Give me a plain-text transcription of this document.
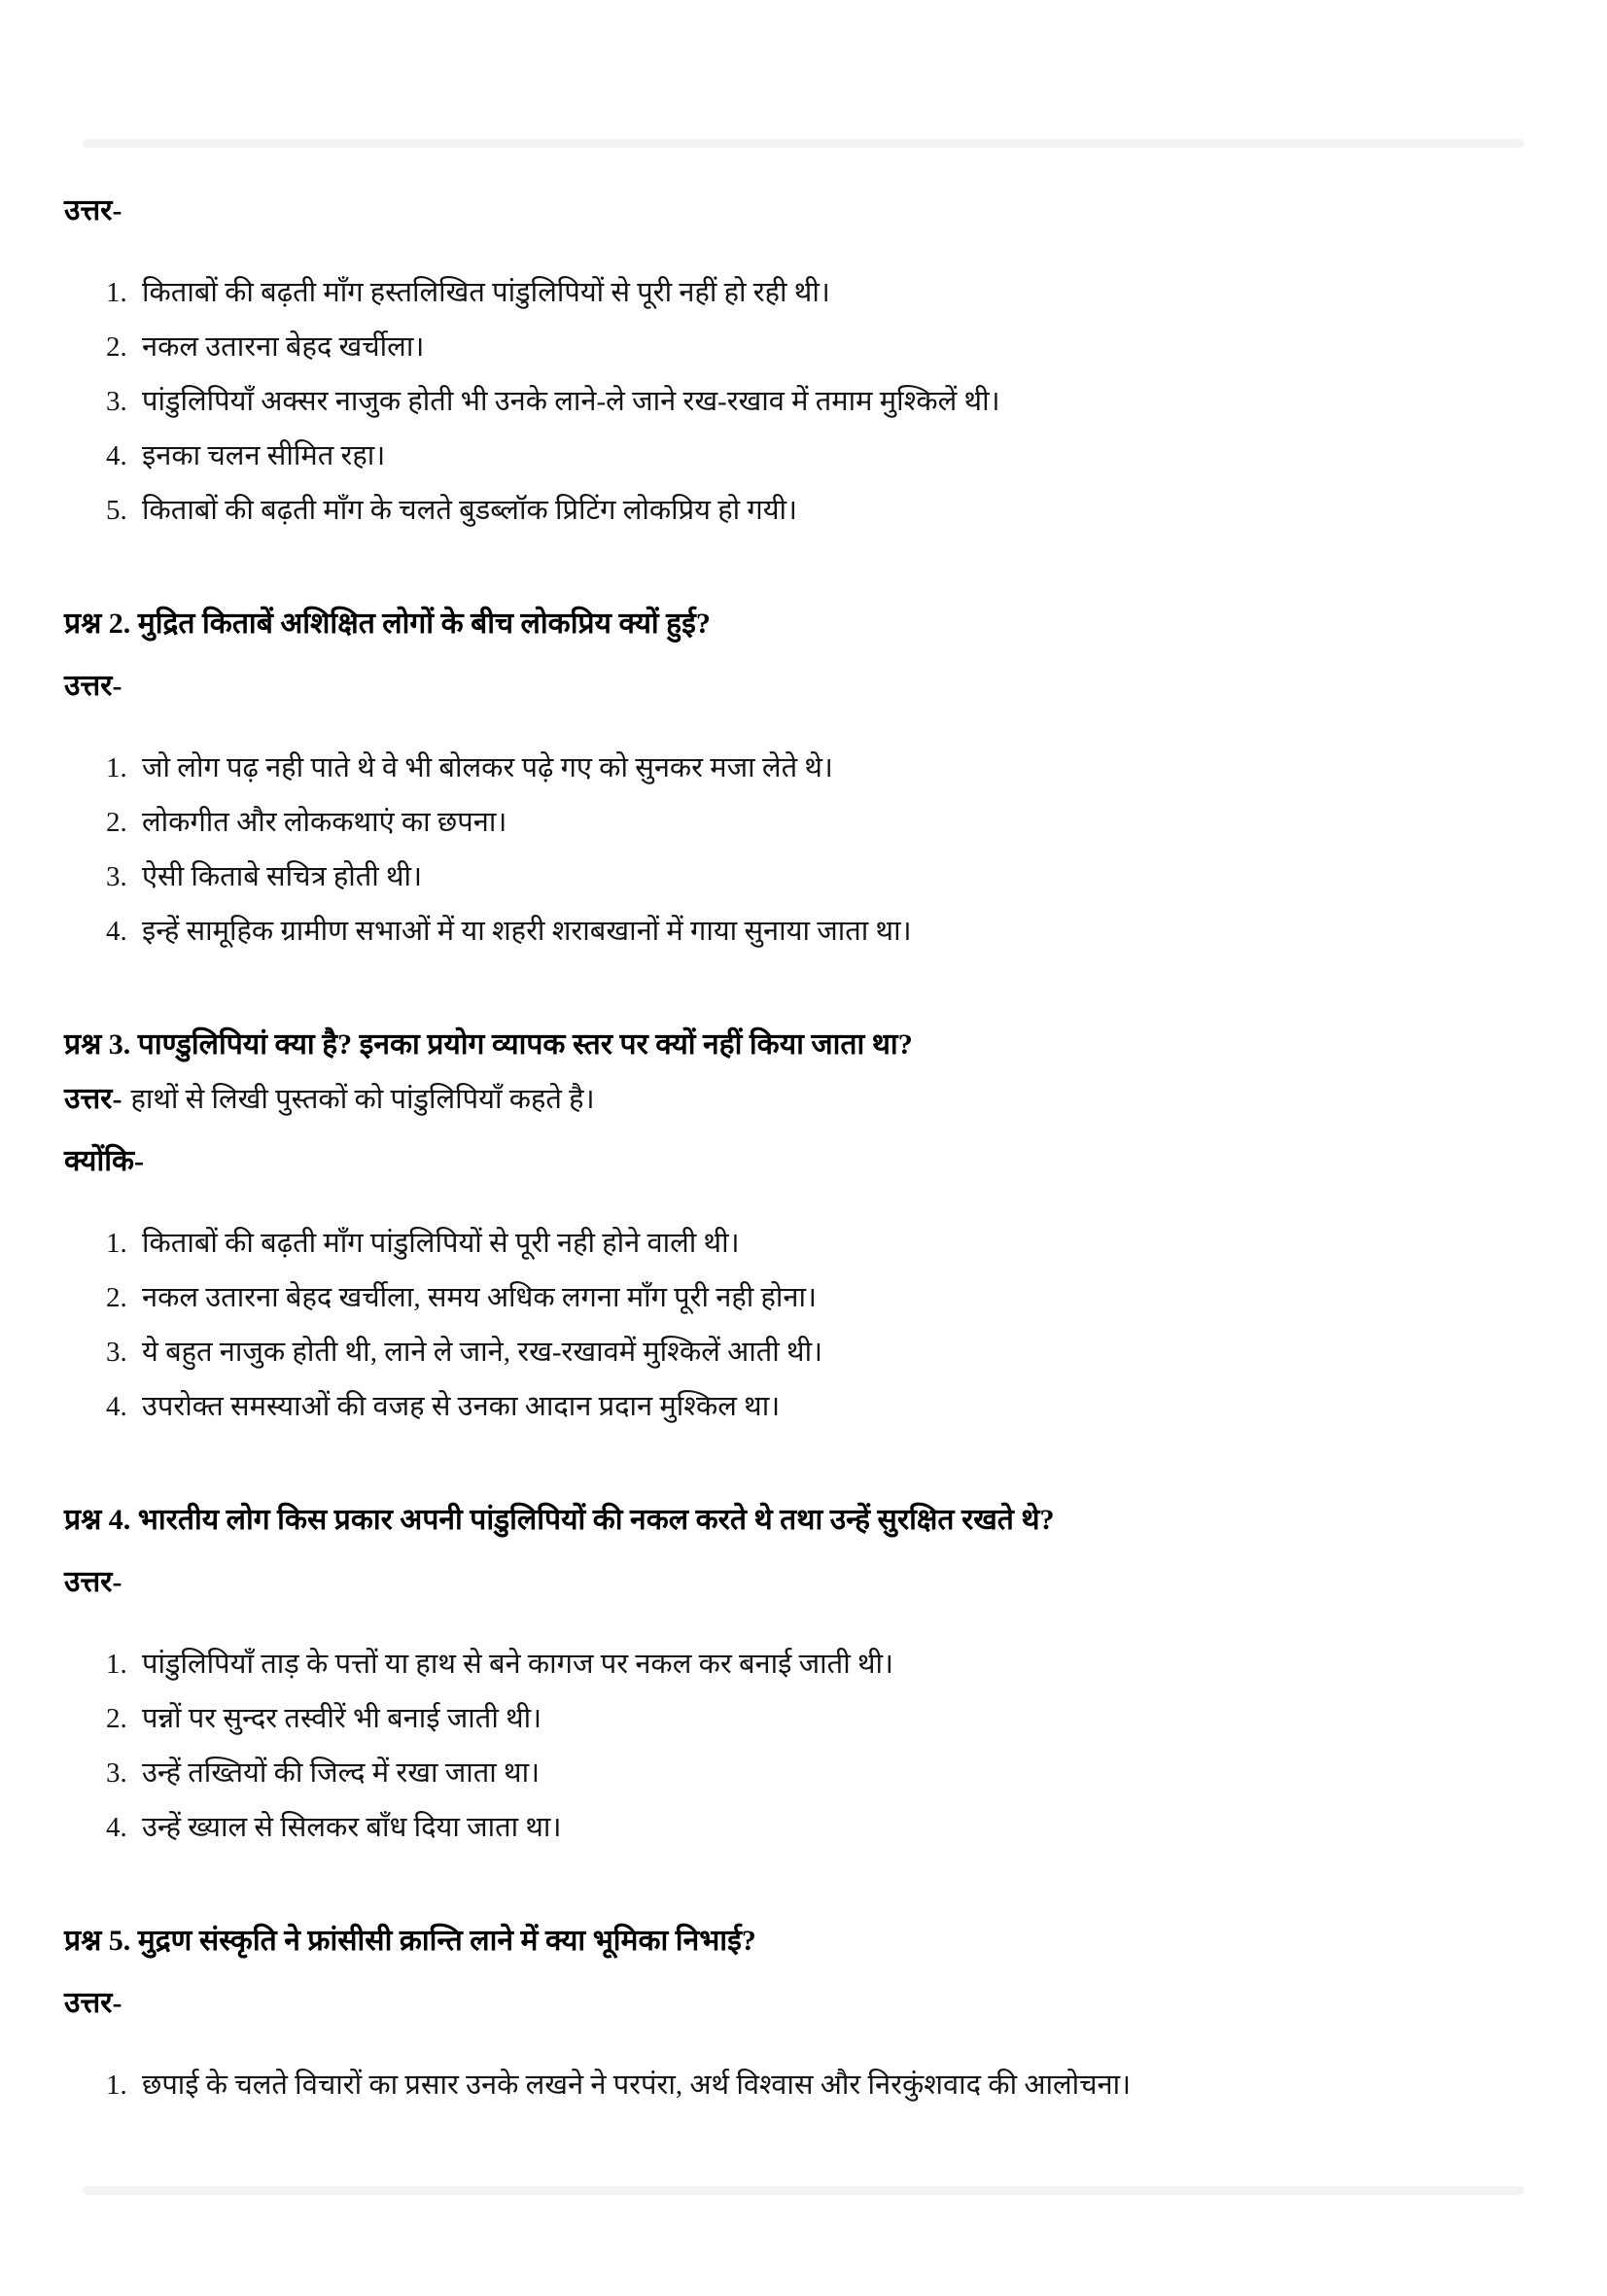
उत्तर-

1. किताबों की बढ़ती माँग हस्तलिखित पांडुलिपियों से पूरी नहीं हो रही थी।
2. नकल उतारना बेहद खर्चीला।
3. पांडुलिपियाँ अक्सर नाजुक होती भी उनके लाने-ले जाने रख-रखाव में तमाम मुश्किलें थी।
4. इनका चलन सीमित रहा।
5. किताबों की बढ़ती माँग के चलते बुडब्लॉक प्रिटिंग लोकप्रिय हो गयी।

प्रश्न 2. मुद्रित किताबें अशिक्षित लोगों के बीच लोकप्रिय क्यों हुई?

उत्तर-

1. जो लोग पढ़ नही पाते थे वे भी बोलकर पढ़े गए को सुनकर मजा लेते थे।
2. लोकगीत और लोककथाएं का छपना।
3. ऐसी किताबे सचित्र होती थी।
4. इन्हें सामूहिक ग्रामीण सभाओं में या शहरी शराबखानों में गाया सुनाया जाता था।

प्रश्न 3. पाण्डुलिपियां क्या है? इनका प्रयोग व्यापक स्तर पर क्यों नहीं किया जाता था?

उत्तर- हाथों से लिखी पुस्तकों को पांडुलिपियाँ कहते है।

क्योंकि-

1. किताबों की बढ़ती माँग पांडुलिपियों से पूरी नही होने वाली थी।
2. नकल उतारना बेहद खर्चीला, समय अधिक लगना माँग पूरी नही होना।
3. ये बहुत नाजुक होती थी, लाने ले जाने, रख-रखावमें मुश्किलें आती थी।
4. उपरोक्त समस्याओं की वजह से उनका आदान प्रदान मुश्किल था।

प्रश्न 4. भारतीय लोग किस प्रकार अपनी पांडुलिपियों की नकल करते थे तथा उन्हें सुरक्षित रखते थे?

उत्तर-

1. पांडुलिपियाँ ताड़ के पत्तों या हाथ से बने कागज पर नकल कर बनाई जाती थी।
2. पन्नों पर सुन्दर तस्वीरें भी बनाई जाती थी।
3. उन्हें तख्तियों की जिल्द में रखा जाता था।
4. उन्हें ख्याल से सिलकर बाँध दिया जाता था।

प्रश्न 5. मुद्रण संस्कृति ने फ्रांसीसी क्रान्ति लाने में क्या भूमिका निभाई?

उत्तर-

1. छपाई के चलते विचारों का प्रसार उनके लखने ने परपंरा, अर्थ विश्वास और निरकुंशवाद की आलोचना।
